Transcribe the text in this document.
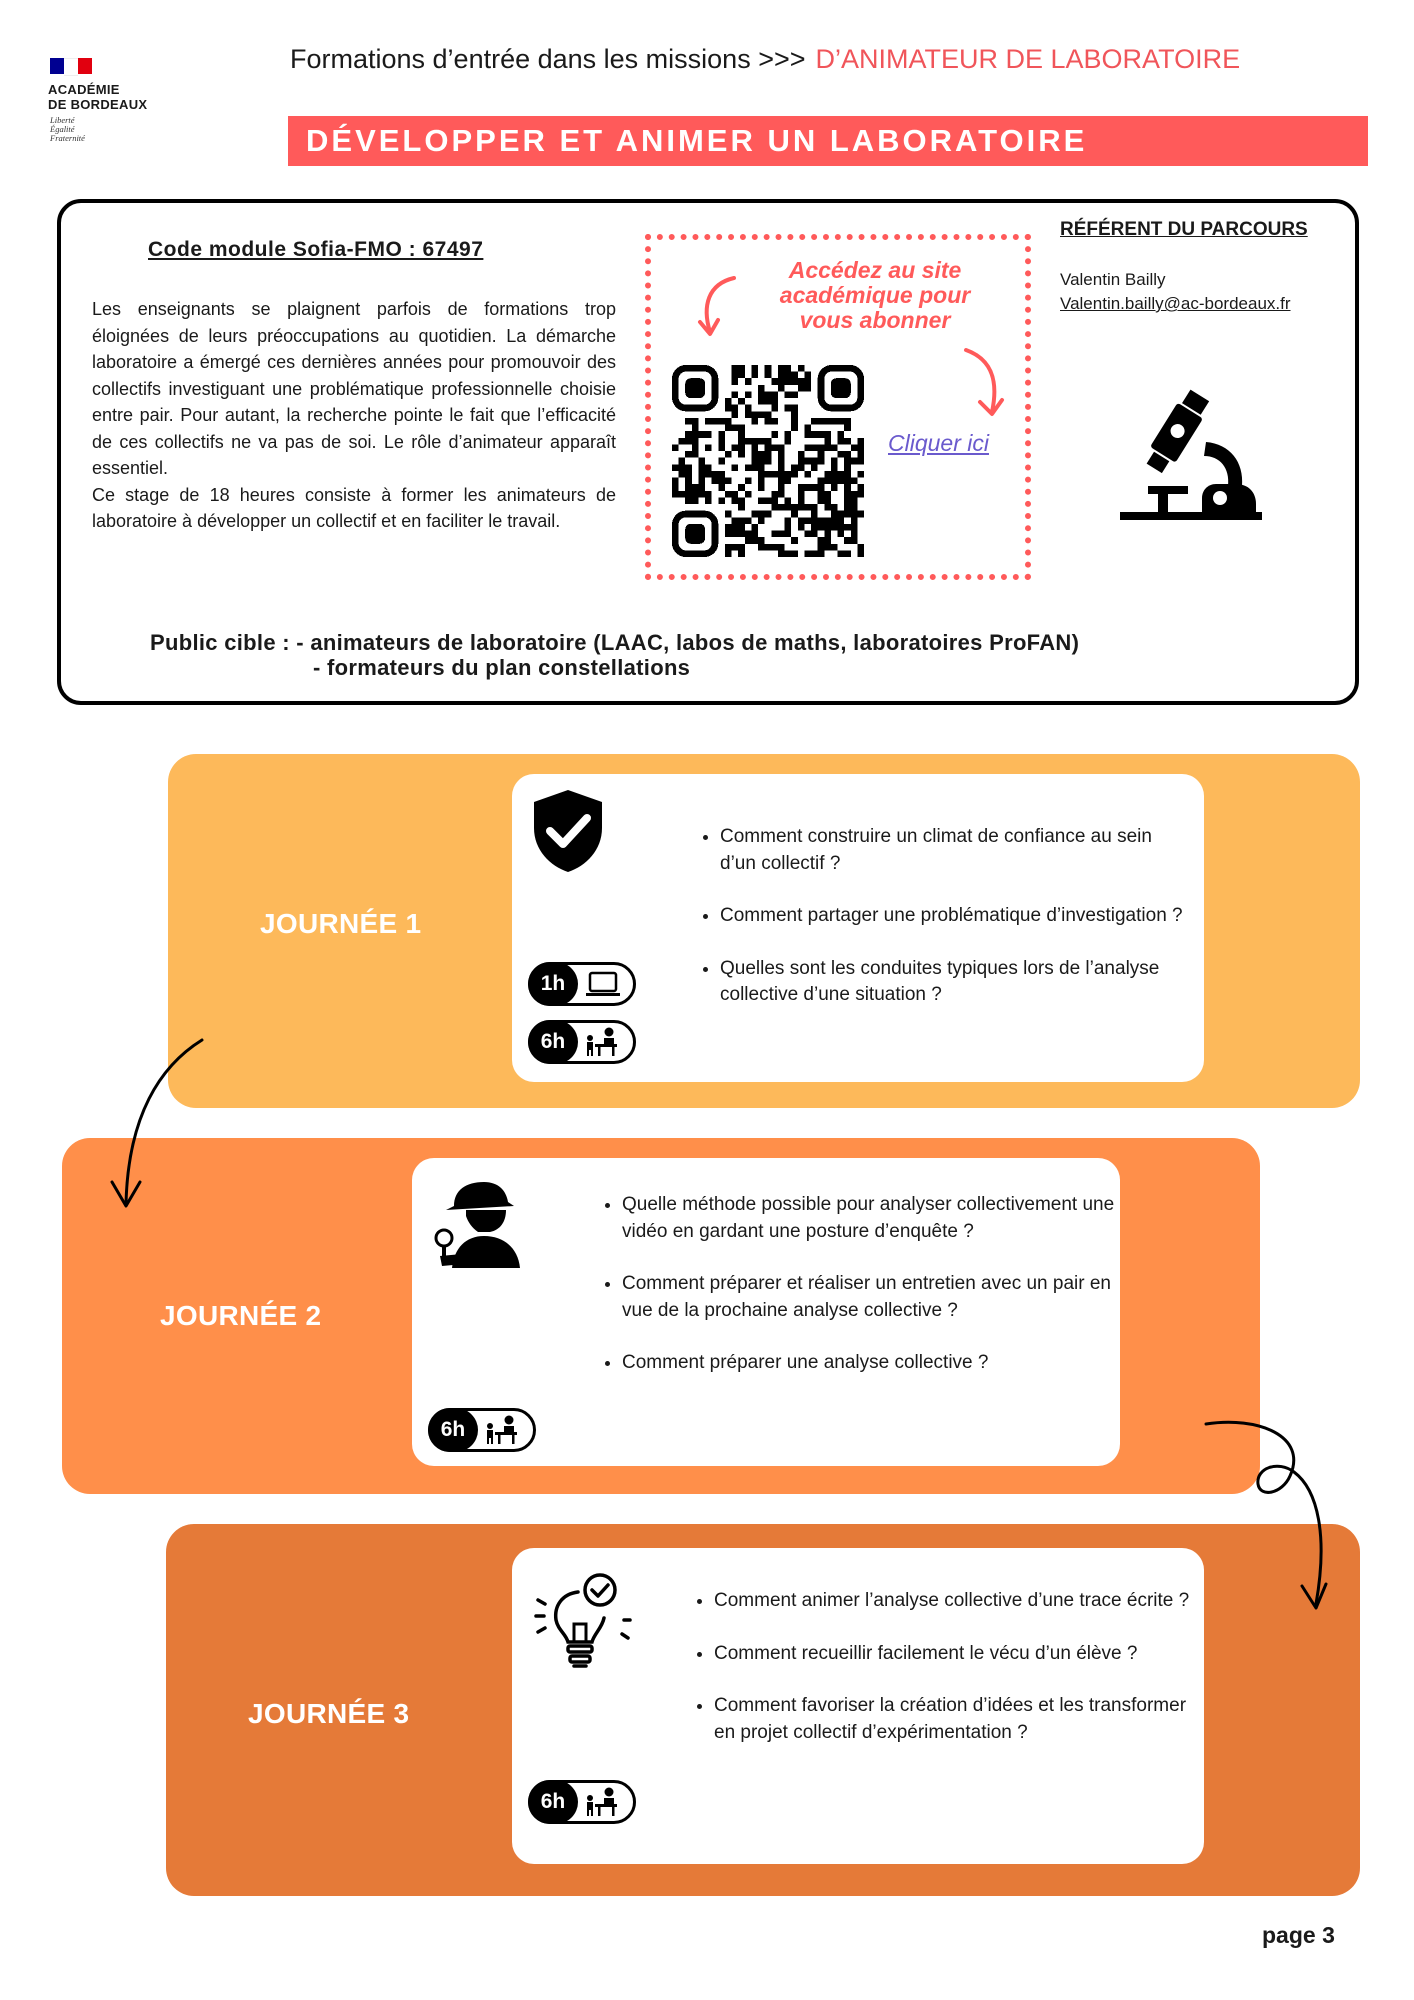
ACADÉMIE
DE BORDEAUX
Liberté
Égalité
Fraternité
Formations d’entrée dans les missions >>> D’ANIMATEUR DE LABORATOIRE
DÉVELOPPER ET ANIMER UN LABORATOIRE
Code module Sofia-FMO : 67497

Les enseignants se plaignent parfois de formations trop éloignées de leurs préoccupations au quotidien. La démarche laboratoire a émergé ces dernières années pour promouvoir des collectifs investiguant une problématique professionnelle choisie entre pair. Pour autant, la recherche pointe le fait que l’efficacité de ces collectifs ne va pas de soi. Le rôle d’animateur apparaît essentiel.

Ce stage de 18 heures consiste à former les animateurs de laboratoire à développer un collectif et en faciliter le travail.

Accédez au site académique pour vous abonner
Cliquer ici
RÉFÉRENT DU PARCOURS
Valentin Bailly
Valentin.bailly@ac-bordeaux.fr
Public cible : - animateurs de laboratoire (LAAC, labos de maths, laboratoires ProFAN)
- formateurs du plan constellations
JOURNÉE 1
1h
6h
• Comment construire un climat de confiance au sein d’un collectif ?
• Comment partager une problématique d’investigation ?
• Quelles sont les conduites typiques lors de l’analyse collective d’une situation ?
JOURNÉE 2
6h
• Quelle méthode possible pour analyser collectivement une vidéo en gardant une posture d’enquête ?
• Comment préparer et réaliser un entretien avec un pair en vue de la prochaine analyse collective ?
• Comment préparer une analyse collective ?
JOURNÉE 3
6h
• Comment animer l’analyse collective d’une trace écrite ?
• Comment recueillir facilement le vécu d’un élève ?
• Comment favoriser la création d’idées et les transformer en projet collectif d’expérimentation ?
page 3
